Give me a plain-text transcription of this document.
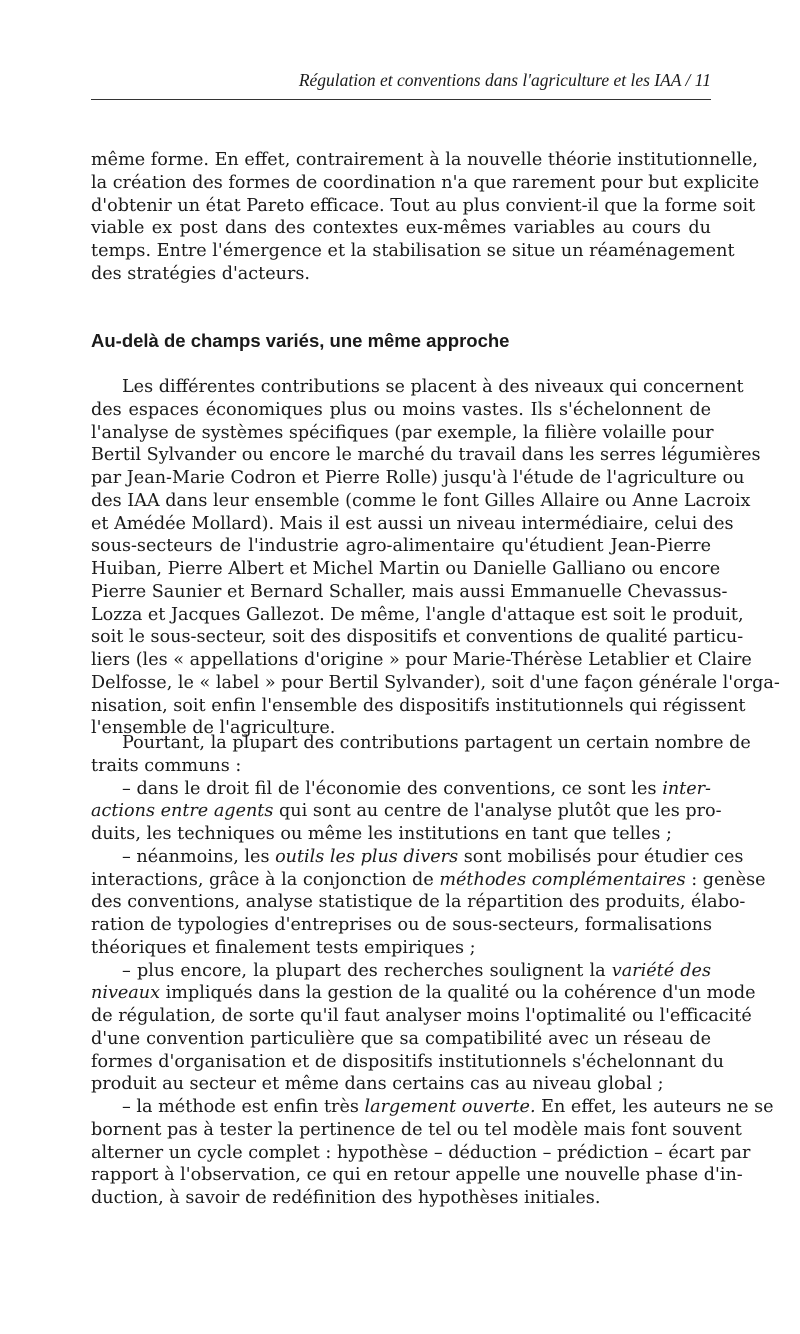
Régulation et conventions dans l'agriculture et les IAA / 11
même forme. En effet, contrairement à la nouvelle théorie institutionnelle,
la création des formes de coordination n'a que rarement pour but explicite
d'obtenir un état Pareto efficace. Tout au plus convient-il que la forme soit
viable ex post dans des contextes eux-mêmes variables au cours du
temps. Entre l'émergence et la stabilisation se situe un réaménagement
des stratégies d'acteurs.
Au-delà de champs variés, une même approche
Les différentes contributions se placent à des niveaux qui concernent
des espaces économiques plus ou moins vastes. Ils s'échelonnent de
l'analyse de systèmes spécifiques (par exemple, la filière volaille pour
Bertil Sylvander ou encore le marché du travail dans les serres légumières
par Jean-Marie Codron et Pierre Rolle) jusqu'à l'étude de l'agriculture ou
des IAA dans leur ensemble (comme le font Gilles Allaire ou Anne Lacroix
et Amédée Mollard). Mais il est aussi un niveau intermédiaire, celui des
sous-secteurs de l'industrie agro-alimentaire qu'étudient Jean-Pierre
Huiban, Pierre Albert et Michel Martin ou Danielle Galliano ou encore
Pierre Saunier et Bernard Schaller, mais aussi Emmanuelle Chevassus-
Lozza et Jacques Gallezot. De même, l'angle d'attaque est soit le produit,
soit le sous-secteur, soit des dispositifs et conventions de qualité particu-
liers (les « appellations d'origine » pour Marie-Thérèse Letablier et Claire
Delfosse, le « label » pour Bertil Sylvander), soit d'une façon générale l'orga-
nisation, soit enfin l'ensemble des dispositifs institutionnels qui régissent
l'ensemble de l'agriculture.
Pourtant, la plupart des contributions partagent un certain nombre de
traits communs :
– dans le droit fil de l'économie des conventions, ce sont les inter-
actions entre agents qui sont au centre de l'analyse plutôt que les pro-
duits, les techniques ou même les institutions en tant que telles ;
– néanmoins, les outils les plus divers sont mobilisés pour étudier ces
interactions, grâce à la conjonction de méthodes complémentaires : genèse
des conventions, analyse statistique de la répartition des produits, élabo-
ration de typologies d'entreprises ou de sous-secteurs, formalisations
théoriques et finalement tests empiriques ;
– plus encore, la plupart des recherches soulignent la variété des
niveaux impliqués dans la gestion de la qualité ou la cohérence d'un mode
de régulation, de sorte qu'il faut analyser moins l'optimalité ou l'efficacité
d'une convention particulière que sa compatibilité avec un réseau de
formes d'organisation et de dispositifs institutionnels s'échelonnant du
produit au secteur et même dans certains cas au niveau global ;
– la méthode est enfin très largement ouverte. En effet, les auteurs ne se
bornent pas à tester la pertinence de tel ou tel modèle mais font souvent
alterner un cycle complet : hypothèse – déduction – prédiction – écart par
rapport à l'observation, ce qui en retour appelle une nouvelle phase d'in-
duction, à savoir de redéfinition des hypothèses initiales.
